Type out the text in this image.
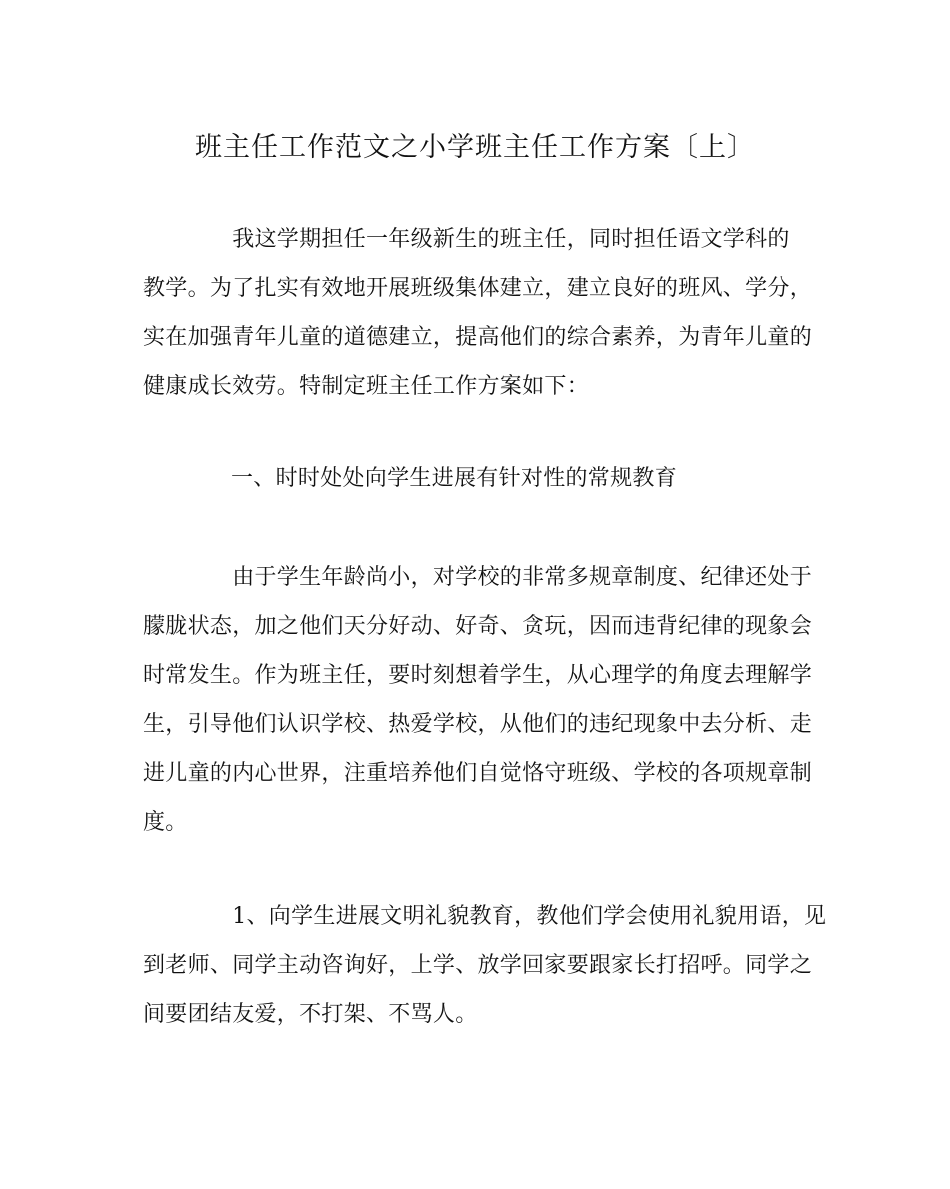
班主任工作范文之小学班主任工作方案〔上〕
　　　　我这学期担任一年级新生的班主任，同时担任语文学科的
教学。为了扎实有效地开展班级集体建立，建立良好的班风、学分，
实在加强青年儿童的道德建立，提高他们的综合素养，为青年儿童的
健康成长效劳。特制定班主任工作方案如下：
一、时时处处向学生进展有针对性的常规教育
　　　　由于学生年龄尚小，对学校的非常多规章制度、纪律还处于
朦胧状态，加之他们天分好动、好奇、贪玩，因而违背纪律的现象会
时常发生。作为班主任，要时刻想着学生，从心理学的角度去理解学
生，引导他们认识学校、热爱学校，从他们的违纪现象中去分析、走
进儿童的内心世界，注重培养他们自觉恪守班级、学校的各项规章制
度。
　　　　1、向学生进展文明礼貌教育，教他们学会使用礼貌用语，见
到老师、同学主动咨询好，上学、放学回家要跟家长打招呼。同学之
间要团结友爱，不打架、不骂人。
